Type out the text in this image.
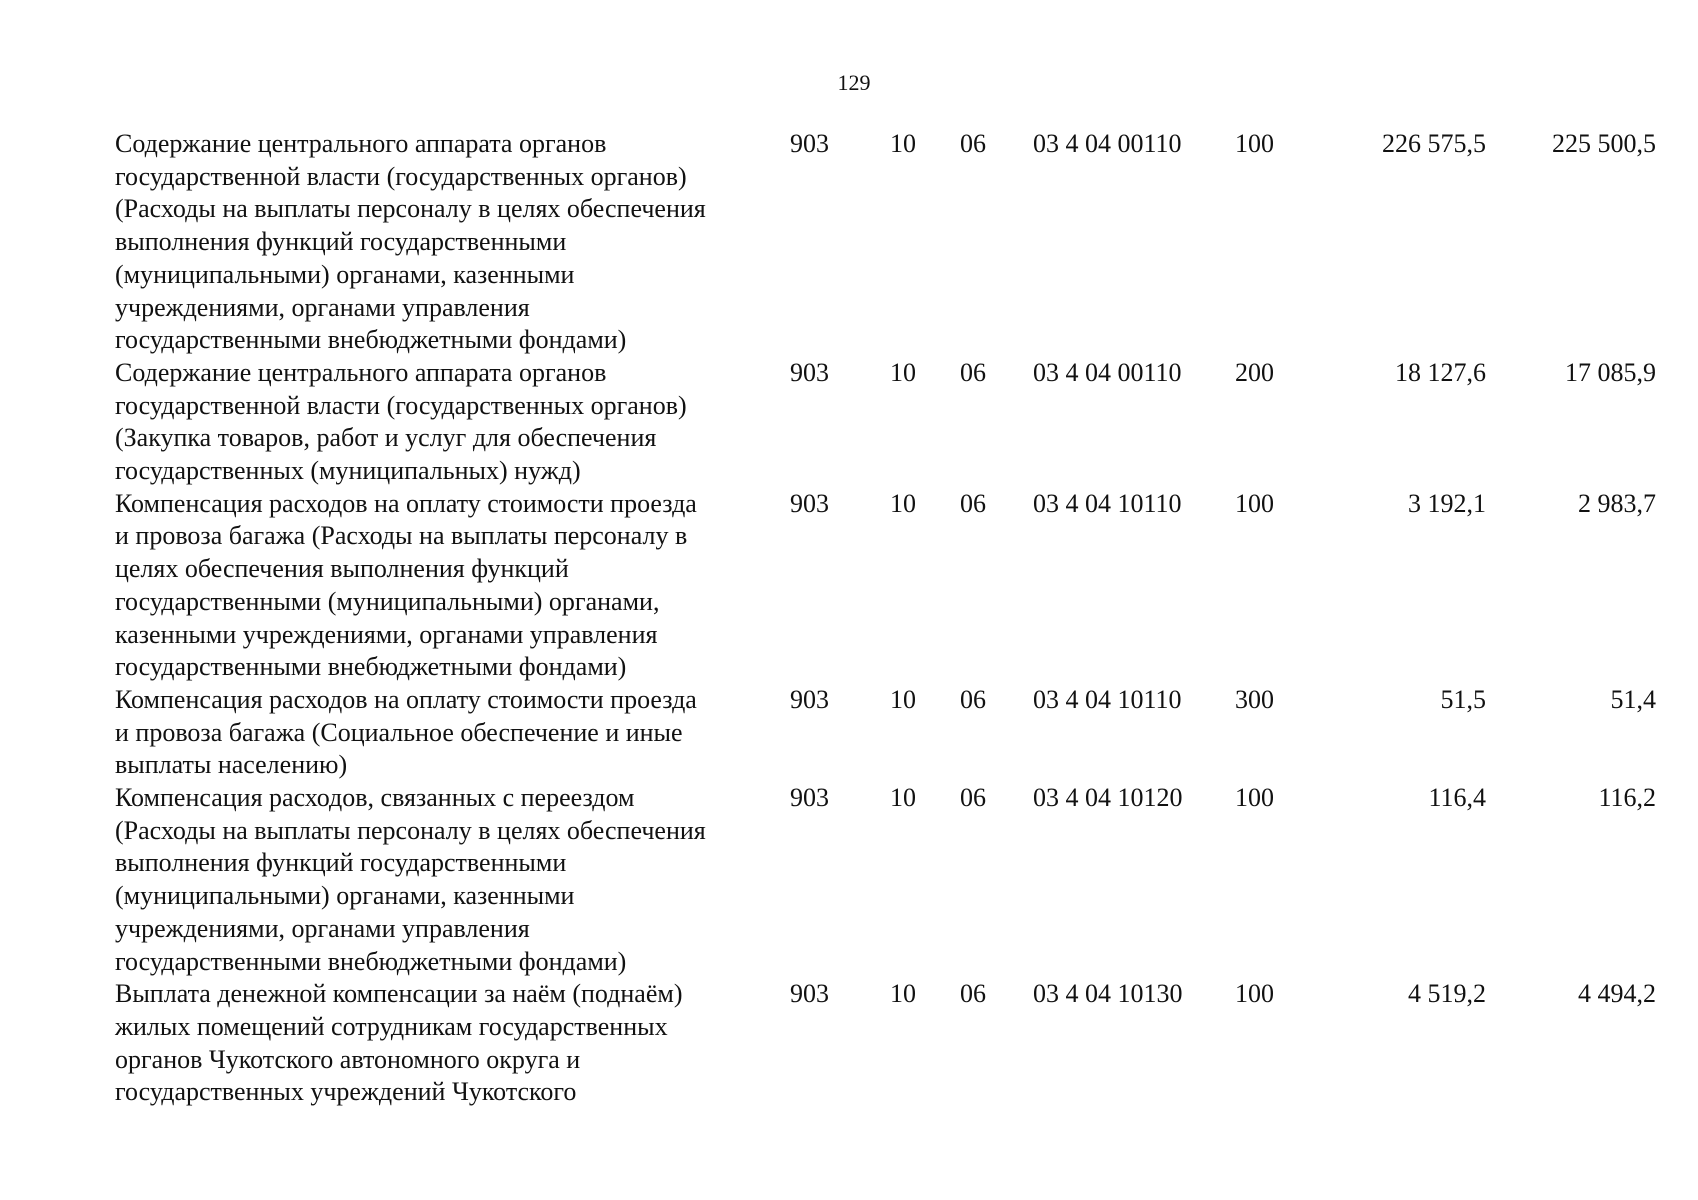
129
Содержание центрального аппарата органов
государственной власти (государственных органов)
(Расходы на выплаты персоналу в целях обеспечения
выполнения функций государственными
(муниципальными) органами, казенными
учреждениями, органами управления
государственными внебюджетными фондами)
903 10 06 03 4 04 00110 100	226 575,5	225 500,5
Содержание центрального аппарата органов
государственной власти (государственных органов)
(Закупка товаров, работ и услуг для обеспечения
государственных (муниципальных) нужд)
903 10 06 03 4 04 00110 200	18 127,6	17 085,9
Компенсация расходов на оплату стоимости проезда
и провоза багажа (Расходы на выплаты персоналу в
целях обеспечения выполнения функций
государственными (муниципальными) органами,
казенными учреждениями, органами управления
государственными внебюджетными фондами)
903 10 06 03 4 04 10110 100	3 192,1	2 983,7
Компенсация расходов на оплату стоимости проезда
и провоза багажа (Социальное обеспечение и иные
выплаты населению)
903 10 06 03 4 04 10110 300	51,5	51,4
Компенсация расходов, связанных с переездом
(Расходы на выплаты персоналу в целях обеспечения
выполнения функций государственными
(муниципальными) органами, казенными
учреждениями, органами управления
государственными внебюджетными фондами)
903 10 06 03 4 04 10120 100	116,4	116,2
Выплата денежной компенсации за наём (поднаём)
жилых помещений сотрудникам государственных
органов Чукотского автономного округа и
государственных учреждений Чукотского
903 10 06 03 4 04 10130 100	4 519,2	4 494,2
